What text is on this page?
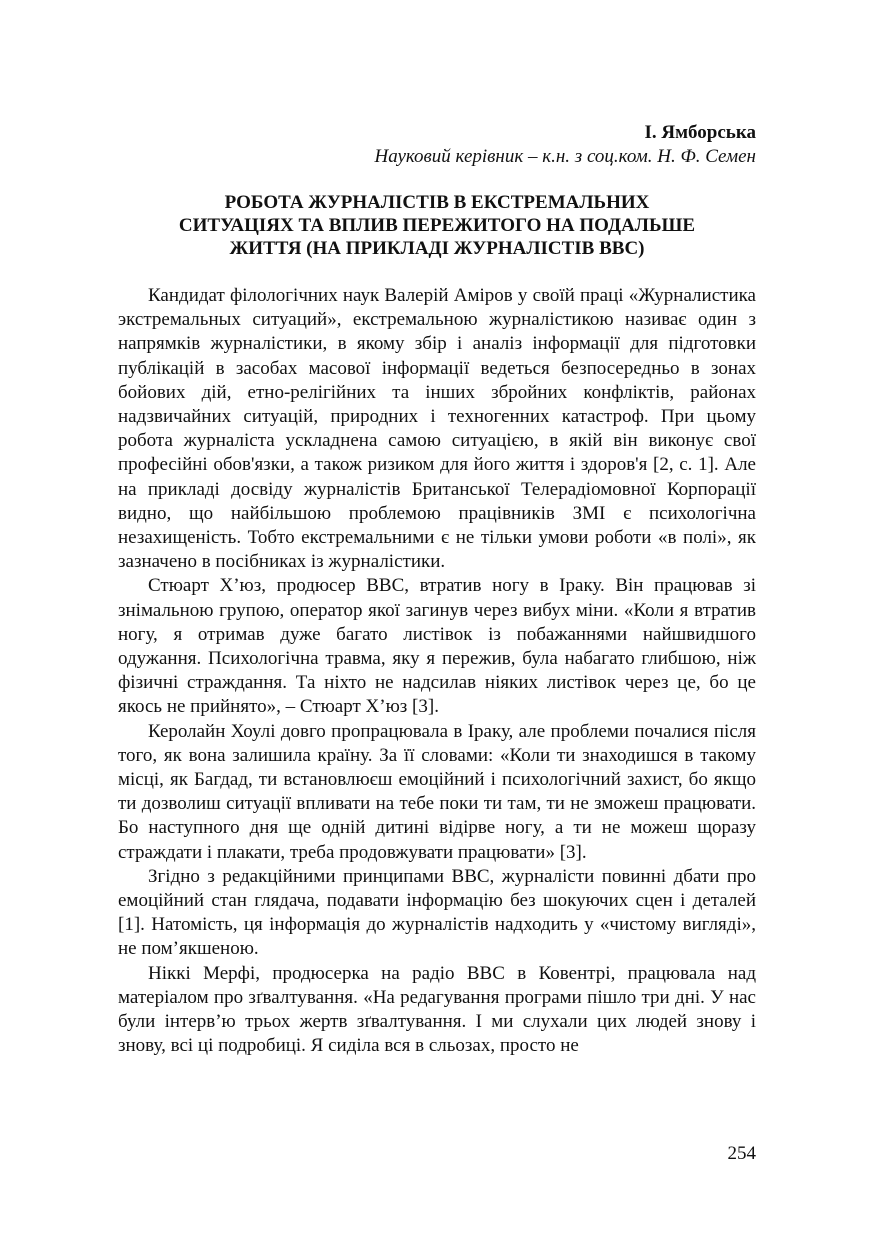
І. Ямборська
Науковий керівник – к.н. з соц.ком. Н. Ф. Семен
РОБОТА ЖУРНАЛІСТІВ В ЕКСТРЕМАЛЬНИХ
СИТУАЦІЯХ ТА ВПЛИВ ПЕРЕЖИТОГО НА ПОДАЛЬШЕ
ЖИТТЯ (НА ПРИКЛАДІ ЖУРНАЛІСТІВ BBC)

Кандидат філологічних наук Валерій Аміров у своїй праці «Журналистика экстремальных ситуаций», екстремальною журналістикою називає один з напрямків журналістики, в якому збір і аналіз інформації для підготовки публікацій в засобах масової інформації ведеться безпосередньо в зонах бойових дій, етно-релігійних та інших збройних конфліктів, районах надзвичайних ситуацій, природних і техногенних катастроф. При цьому робота журналіста ускладнена самою ситуацією, в якій він виконує свої професійні обов'язки, а також ризиком для його життя і здоров'я [2, с. 1]. Але на прикладі досвіду журналістів Британської Телерадіомовної Корпорації видно, що найбільшою проблемою працівників ЗМІ є психологічна незахищеність. Тобто екстремальними є не тільки умови роботи «в полі», як зазначено в посібниках із журналістики.

Стюарт Х’юз, продюсер BBC, втратив ногу в Іраку. Він працював зі знімальною групою, оператор якої загинув через вибух міни. «Коли я втратив ногу, я отримав дуже багато листівок із побажаннями найшвидшого одужання. Психологічна травма, яку я пережив, була набагато глибшою, ніж фізичні страждання. Та ніхто не надсилав ніяких листівок через це, бо це якось не прийнято», – Стюарт Х’юз [3].

Керолайн Хоулі довго пропрацювала в Іраку, але проблеми почалися після того, як вона залишила країну. За її словами: «Коли ти знаходишся в такому місці, як Багдад, ти встановлюєш емоційний і психологічний захист, бо якщо ти дозволиш ситуації впливати на тебе поки ти там, ти не зможеш працювати. Бо наступного дня ще одній дитині відірве ногу, а ти не можеш щоразу страждати і плакати, треба продовжувати працювати» [3].

Згідно з редакційними принципами BBC, журналісти повинні дбати про емоційний стан глядача, подавати інформацію без шокуючих сцен і деталей [1]. Натомість, ця інформація до журналістів надходить у «чистому вигляді», не пом’якшеною.

Ніккі Мерфі, продюсерка на радіо BBC в Ковентрі, працювала над матеріалом про зґвалтування. «На редагування програми пішло три дні. У нас були інтерв’ю трьох жертв зґвалтування. І ми слухали цих людей знову і знову, всі ці подробиці. Я сиділа вся в сльозах, просто не

254
